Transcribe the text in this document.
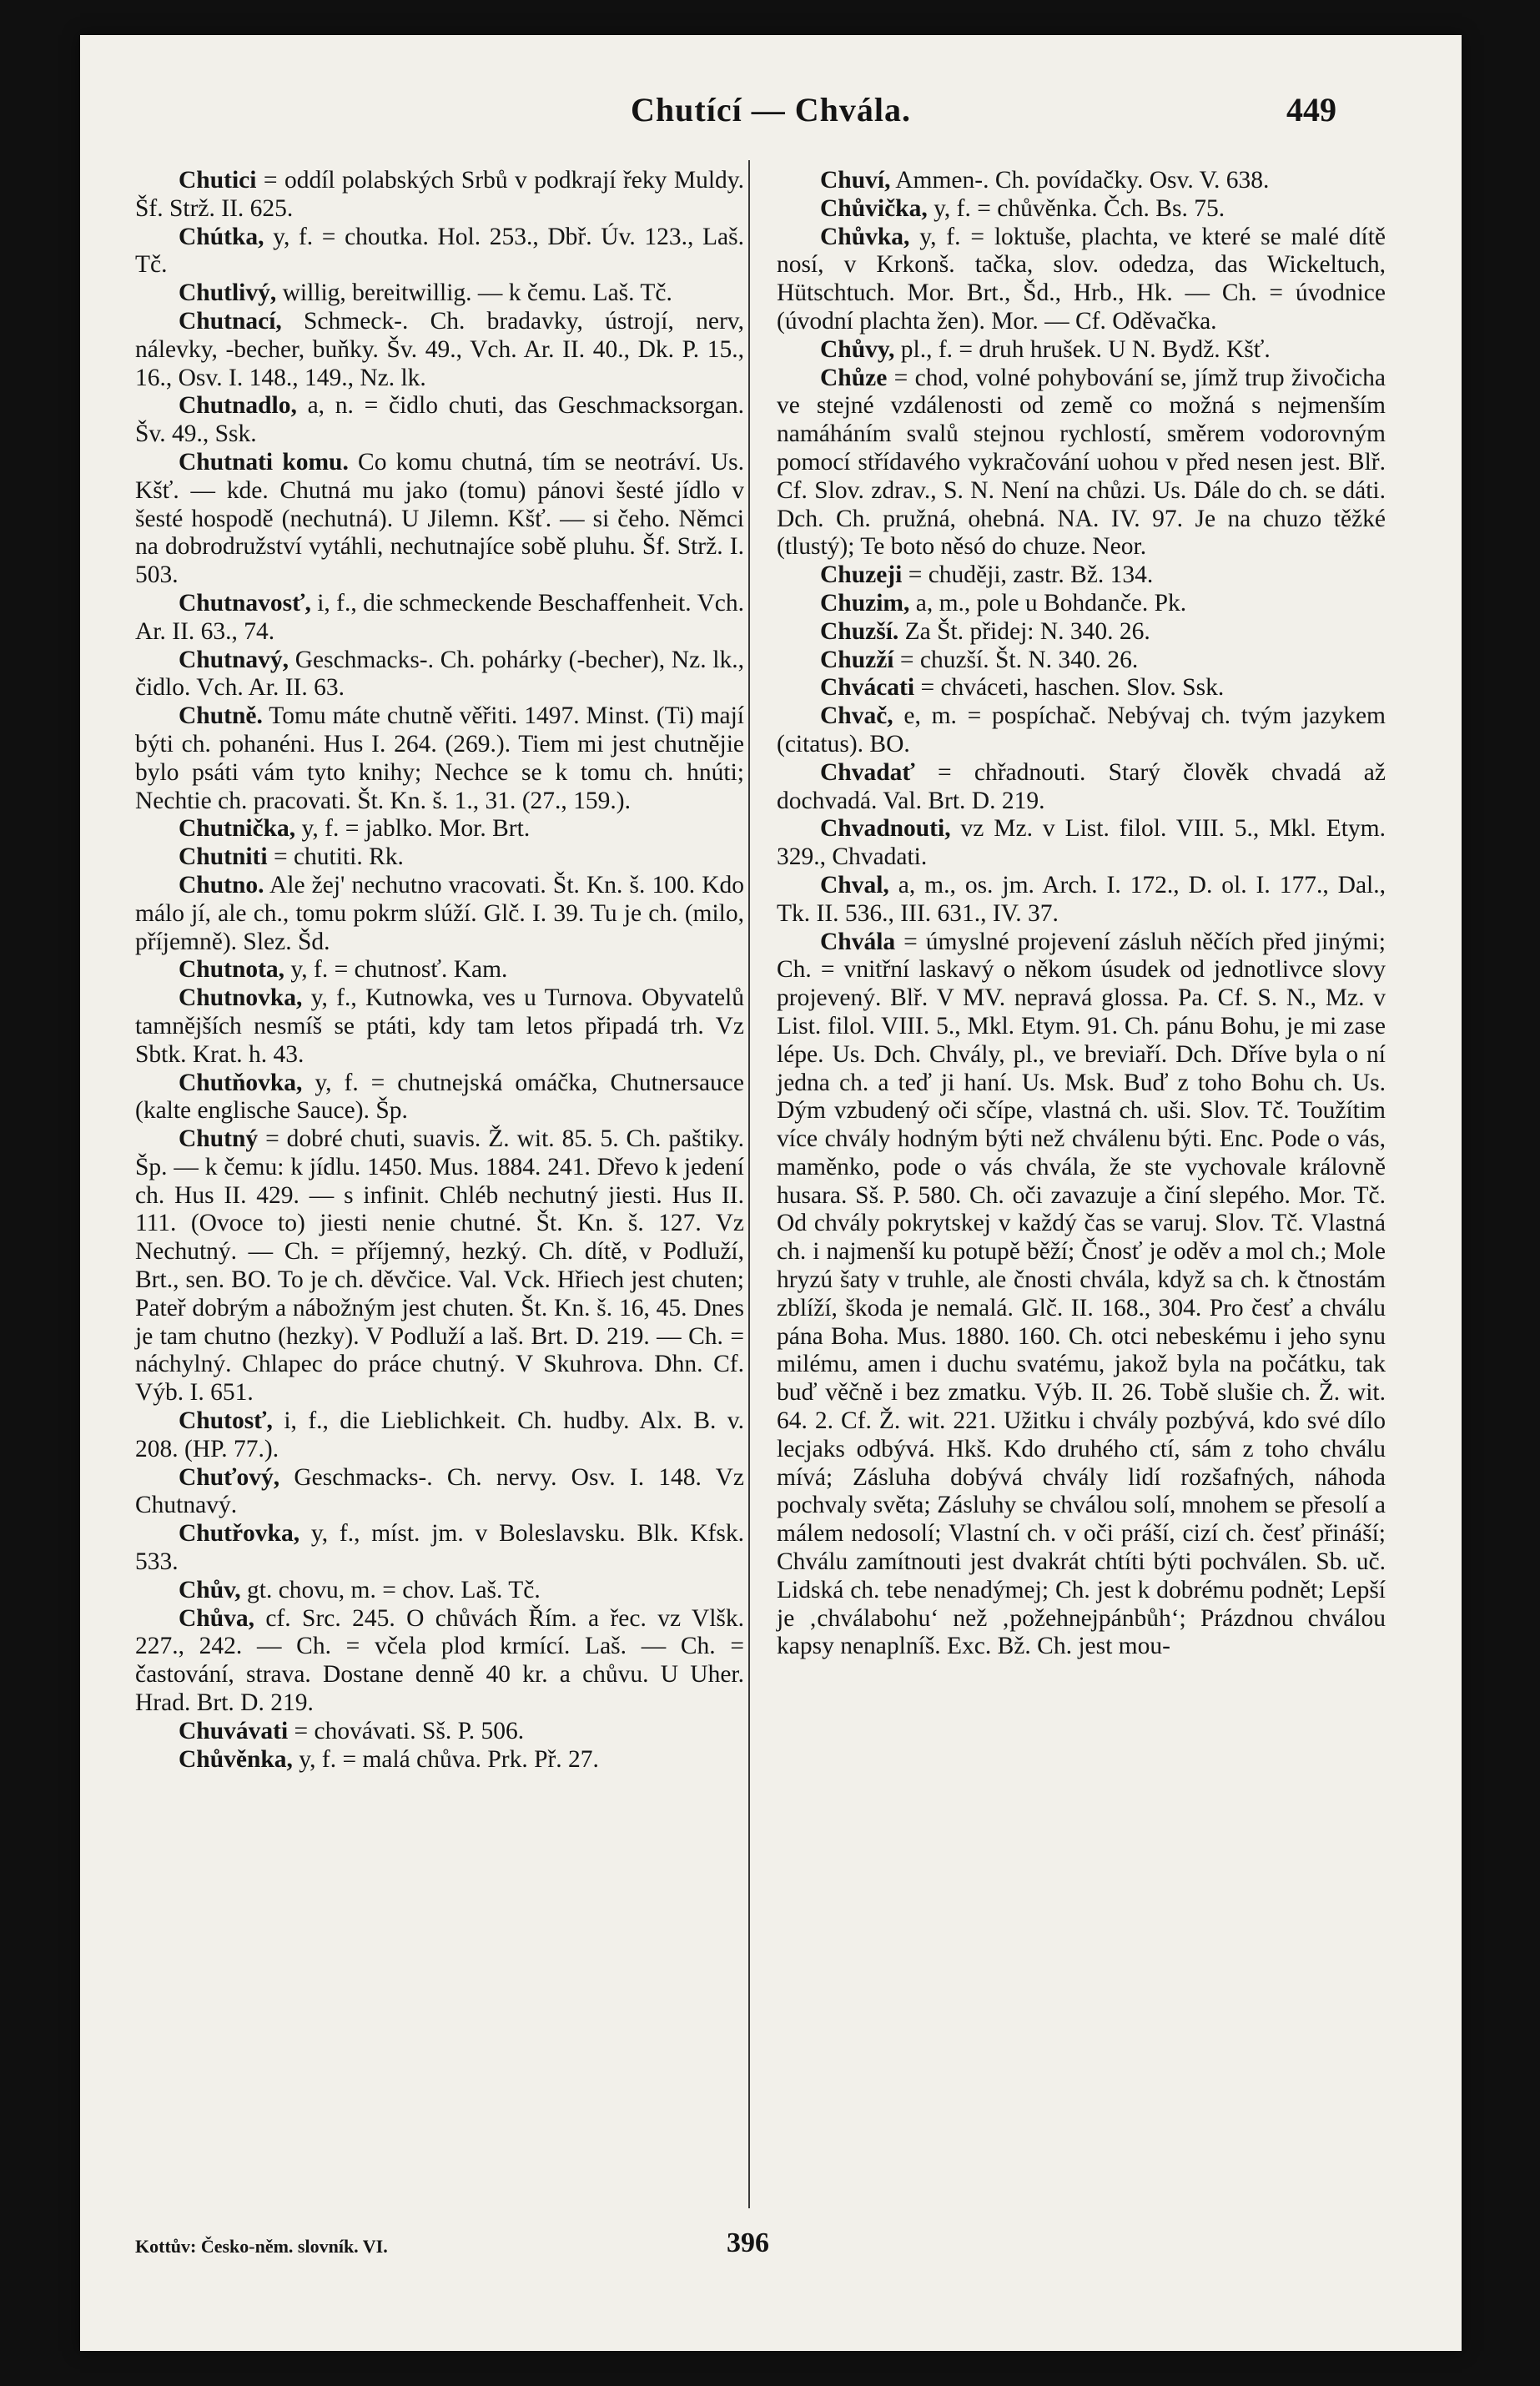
Chutící — Chvála.	449

Chutici = oddíl polabských Srbů v podkrají řeky Muldy. Šf. Strž. II. 625.

Chútka, y, f. = choutka. Hol. 253., Dbř. Úv. 123., Laš. Tč.

Chutlivý, willig, bereitwillig. — k čemu. Laš. Tč.

Chutnací, Schmeck-. Ch. bradavky, ústrojí, nerv, nálevky, -becher, buňky. Šv. 49., Vch. Ar. II. 40., Dk. P. 15., 16., Osv. I. 148., 149., Nz. lk.

Chutnadlo, a, n. = čidlo chuti, das Geschmacksorgan. Šv. 49., Ssk.

Chutnati komu. Co komu chutná, tím se neotráví. Us. Kšť. — kde. Chutná mu jako (tomu) pánovi šesté jídlo v šesté hospodě (nechutná). U Jilemn. Kšť. — si čeho. Němci na dobrodružství vytáhli, nechutnajíce sobě pluhu. Šf. Strž. I. 503.

Chutnavosť, i, f., die schmeckende Beschaffenheit. Vch. Ar. II. 63., 74.

Chutnavý, Geschmacks-. Ch. pohárky (-becher), Nz. lk., čidlo. Vch. Ar. II. 63.

Chutně. Tomu máte chutně věřiti. 1497. Minst. (Ti) mají býti ch. pohanéni. Hus I. 264. (269.). Tiem mi jest chutnějie bylo psáti vám tyto knihy; Nechce se k tomu ch. hnúti; Nechtie ch. pracovati. Št. Kn. š. 1., 31. (27., 159.).

Chutnička, y, f. = jablko. Mor. Brt.

Chutniti = chutiti. Rk.

Chutno. Ale žej' nechutno vracovati. Št. Kn. š. 100. Kdo málo jí, ale ch., tomu pokrm slúží. Glč. I. 39. Tu je ch. (milo, příjemně). Slez. Šd.

Chutnota, y, f. = chutnosť. Kam.

Chutnovka, y, f., Kutnowka, ves u Turnova. Obyvatelů tamnějších nesmíš se ptáti, kdy tam letos připadá trh. Vz Sbtk. Krat. h. 43.

Chutňovka, y, f. = chutnejská omáčka, Chutnersauce (kalte englische Sauce). Šp.

Chutný = dobré chuti, suavis. Ž. wit. 85. 5. Ch. paštiky. Šp. — k čemu: k jídlu. 1450. Mus. 1884. 241. Dřevo k jedení ch. Hus II. 429. — s infinit. Chléb nechutný jiesti. Hus II. 111. (Ovoce to) jiesti nenie chutné. Št. Kn. š. 127. Vz Nechutný. — Ch. = příjemný, hezký. Ch. dítě, v Podluží, Brt., sen. BO. To je ch. děvčice. Val. Vck. Hřiech jest chuten; Pateř dobrým a nábožným jest chuten. Št. Kn. š. 16, 45. Dnes je tam chutno (hezky). V Podluží a laš. Brt. D. 219. — Ch. = náchylný. Chlapec do práce chutný. V Skuhrova. Dhn. Cf. Výb. I. 651.

Chutosť, i, f., die Lieblichkeit. Ch. hudby. Alx. B. v. 208. (HP. 77.).

Chuťový, Geschmacks-. Ch. nervy. Osv. I. 148. Vz Chutnavý.

Chutřovka, y, f., míst. jm. v Boleslavsku. Blk. Kfsk. 533.

Chův, gt. chovu, m. = chov. Laš. Tč.

Chůva, cf. Src. 245. O chůvách Řím. a řec. vz Vlšk. 227., 242. — Ch. = včela plod krmící. Laš. — Ch. = častování, strava. Dostane denně 40 kr. a chůvu. U Uher. Hrad. Brt. D. 219.

Chuvávati = chovávati. Sš. P. 506.

Chůvěnka, y, f. = malá chůva. Prk. Př. 27.

Chuví, Ammen-. Ch. povídačky. Osv. V. 638.

Chůvička, y, f. = chůvěnka. Čch. Bs. 75.

Chůvka, y, f. = loktuše, plachta, ve které se malé dítě nosí, v Krkonš. tačka, slov. odedza, das Wickeltuch, Hütschtuch. Mor. Brt., Šd., Hrb., Hk. — Ch. = úvodnice (úvodní plachta žen). Mor. — Cf. Oděvačka.

Chůvy, pl., f. = druh hrušek. U N. Bydž. Kšť.

Chůze = chod, volné pohybování se, jímž trup živočicha ve stejné vzdálenosti od země co možná s nejmenším namáháním svalů stejnou rychlostí, směrem vodorovným pomocí střídavého vykračování uohou v před nesen jest. Blř. Cf. Slov. zdrav., S. N. Není na chůzi. Us. Dále do ch. se dáti. Dch. Ch. pružná, ohebná. NA. IV. 97. Je na chuzo těžké (tlustý); Te boto něsó do chuze. Neor.

Chuzeji = chuději, zastr. Bž. 134.

Chuzim, a, m., pole u Bohdanče. Pk.

Chuzší. Za Št. přidej: N. 340. 26.

Chuzží = chuzší. Št. N. 340. 26.

Chvácati = chváceti, haschen. Slov. Ssk.

Chvač, e, m. = pospíchač. Nebývaj ch. tvým jazykem (citatus). BO.

Chvadať = chřadnouti. Starý člověk chvadá až dochvadá. Val. Brt. D. 219.

Chvadnouti, vz Mz. v List. filol. VIII. 5., Mkl. Etym. 329., Chvadati.

Chval, a, m., os. jm. Arch. I. 172., D. ol. I. 177., Dal., Tk. II. 536., III. 631., IV. 37.

Chvála = úmyslné projevení zásluh něčích před jinými; Ch. = vnitřní laskavý o někom úsudek od jednotlivce slovy projevený. Blř. V MV. nepravá glossa. Pa. Cf. S. N., Mz. v List. filol. VIII. 5., Mkl. Etym. 91. Ch. pánu Bohu, je mi zase lépe. Us. Dch. Chvály, pl., ve breviaří. Dch. Dříve byla o ní jedna ch. a teď ji haní. Us. Msk. Buď z toho Bohu ch. Us. Dým vzbudený oči sčípe, vlastná ch. uši. Slov. Tč. Toužítim více chvály hodným býti než chválenu býti. Enc. Pode o vás, maměnko, pode o vás chvála, že ste vychovale královně husara. Sš. P. 580. Ch. oči zavazuje a činí slepého. Mor. Tč. Od chvály pokrytskej v každý čas se varuj. Slov. Tč. Vlastná ch. i najmenší ku potupě běží; Čnosť je oděv a mol ch.; Mole hryzú šaty v truhle, ale čnosti chvála, když sa ch. k čtnostám zblíží, škoda je nemalá. Glč. II. 168., 304. Pro česť a chválu pána Boha. Mus. 1880. 160. Ch. otci nebeskému i jeho synu milému, amen i duchu svatému, jakož byla na počátku, tak buď věčně i bez zmatku. Výb. II. 26. Tobě slušie ch. Ž. wit. 64. 2. Cf. Ž. wit. 221. Užitku i chvály pozbývá, kdo své dílo lecjaks odbývá. Hkš. Kdo druhého ctí, sám z toho chválu mívá; Zásluha dobývá chvály lidí rozšafných, náhoda pochvaly světa; Zásluhy se chválou solí, mnohem se přesolí a málem nedosolí; Vlastní ch. v oči práší, cizí ch. česť přináší; Chválu zamítnouti jest dvakrát chtíti býti pochválen. Sb. uč. Lidská ch. tebe nenadýmej; Ch. jest k dobrému podnět; Lepší je ‚chválabohu‘ než ‚požehnejpánbůh‘; Prázdnou chválou kapsy nenaplníš. Exc. Bž. Ch. jest mou-

Kottův: Česko-něm. slovník. VI.	396
